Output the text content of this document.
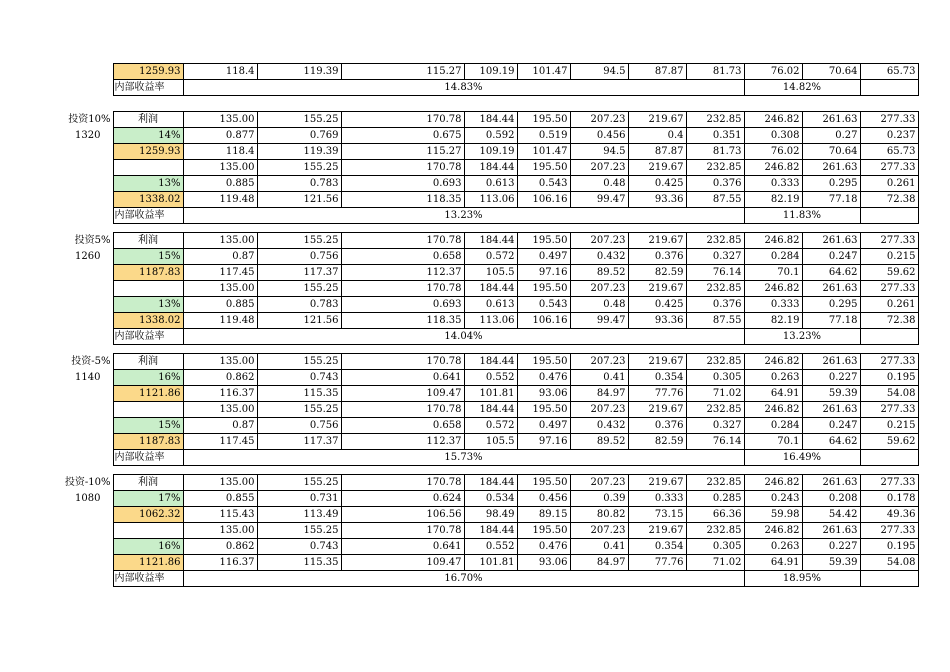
	1259.93	118.4	119.39	115.27	109.19	101.47	94.5	87.87	81.73	76.02	70.64	65.73
	内部收益率	14.83%								14.82%		
投资10%	利润	135.00	155.25	170.78	184.44	195.50	207.23	219.67	232.85	246.82	261.63	277.33
1320	14%	0.877	0.769	0.675	0.592	0.519	0.456	0.4	0.351	0.308	0.27	0.237
	1259.93	118.4	119.39	115.27	109.19	101.47	94.5	87.87	81.73	76.02	70.64	65.73
		135.00	155.25	170.78	184.44	195.50	207.23	219.67	232.85	246.82	261.63	277.33
	13%	0.885	0.783	0.693	0.613	0.543	0.48	0.425	0.376	0.333	0.295	0.261
	1338.02	119.48	121.56	118.35	113.06	106.16	99.47	93.36	87.55	82.19	77.18	72.38
	内部收益率	13.23%								11.83%		
投资5%	利润	135.00	155.25	170.78	184.44	195.50	207.23	219.67	232.85	246.82	261.63	277.33
1260	15%	0.87	0.756	0.658	0.572	0.497	0.432	0.376	0.327	0.284	0.247	0.215
	1187.83	117.45	117.37	112.37	105.5	97.16	89.52	82.59	76.14	70.1	64.62	59.62
		135.00	155.25	170.78	184.44	195.50	207.23	219.67	232.85	246.82	261.63	277.33
	13%	0.885	0.783	0.693	0.613	0.543	0.48	0.425	0.376	0.333	0.295	0.261
	1338.02	119.48	121.56	118.35	113.06	106.16	99.47	93.36	87.55	82.19	77.18	72.38
	内部收益率	14.04%								13.23%		
投资-5%	利润	135.00	155.25	170.78	184.44	195.50	207.23	219.67	232.85	246.82	261.63	277.33
1140	16%	0.862	0.743	0.641	0.552	0.476	0.41	0.354	0.305	0.263	0.227	0.195
	1121.86	116.37	115.35	109.47	101.81	93.06	84.97	77.76	71.02	64.91	59.39	54.08
		135.00	155.25	170.78	184.44	195.50	207.23	219.67	232.85	246.82	261.63	277.33
	15%	0.87	0.756	0.658	0.572	0.497	0.432	0.376	0.327	0.284	0.247	0.215
	1187.83	117.45	117.37	112.37	105.5	97.16	89.52	82.59	76.14	70.1	64.62	59.62
	内部收益率	15.73%								16.49%		
投资-10%	利润	135.00	155.25	170.78	184.44	195.50	207.23	219.67	232.85	246.82	261.63	277.33
1080	17%	0.855	0.731	0.624	0.534	0.456	0.39	0.333	0.285	0.243	0.208	0.178
	1062.32	115.43	113.49	106.56	98.49	89.15	80.82	73.15	66.36	59.98	54.42	49.36
		135.00	155.25	170.78	184.44	195.50	207.23	219.67	232.85	246.82	261.63	277.33
	16%	0.862	0.743	0.641	0.552	0.476	0.41	0.354	0.305	0.263	0.227	0.195
	1121.86	116.37	115.35	109.47	101.81	93.06	84.97	77.76	71.02	64.91	59.39	54.08
	内部收益率	16.70%								18.95%		
